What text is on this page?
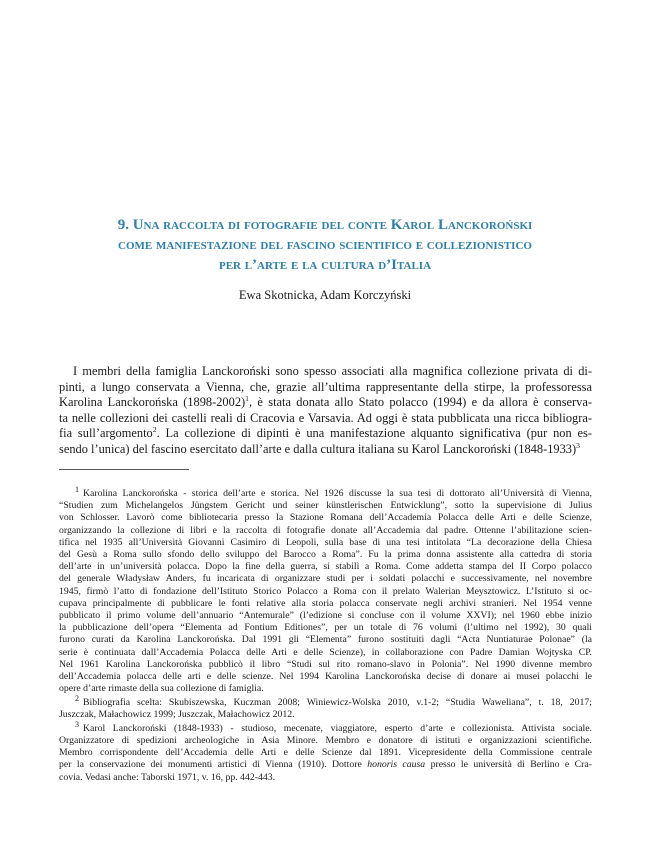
9. Una raccolta di fotografie del conte Karol Lanckoroński
come manifestazione del fascino scientifico e collezionistico
per l’arte e la cultura d’Italia
Ewa Skotnicka, Adam Korczyński
I membri della famiglia Lanckoroński sono spesso associati alla magnifica collezione privata di di-
pinti, a lungo conservata a Vienna, che, grazie all’ultima rappresentante della stirpe, la professoressa
Karolina Lanckorońska (1898-2002)$^1$, è stata donata allo Stato polacco (1994) e da allora è conserva-
ta nelle collezioni dei castelli reali di Cracovia e Varsavia. Ad oggi è stata pubblicata una ricca bibliogra-
fia sull’argomento$^2$. La collezione di dipinti è una manifestazione alquanto significativa (pur non es-
sendo l’unica) del fascino esercitato dall’arte e dalla cultura italiana su Karol Lanckoroński (1848-1933)$^3$
$^1$ Karolina Lanckorońska - storica dell’arte e storica. Nel 1926 discusse la sua tesi di dottorato all’Università di Vienna,
“Studien zum Michelangelos Jüngstem Gericht und seiner künstlerischen Entwicklung”, sotto la supervisione di Julius
von Schlosser. Lavorò come bibliotecaria presso la Stazione Romana dell’Accademia Polacca delle Arti e delle Scienze,
organizzando la collezione di libri e la raccolta di fotografie donate all’Accademia dal padre. Ottenne l’abilitazione scien-
tifica nel 1935 all’Università Giovanni Casimiro di Leopoli, sulla base di una tesi intitolata “La decorazione della Chiesa
del Gesù a Roma sullo sfondo dello sviluppo del Barocco a Roma”. Fu la prima donna assistente alla cattedra di storia
dell’arte in un’università polacca. Dopo la fine della guerra, si stabilì a Roma. Come addetta stampa del II Corpo polacco
del generale Władysław Anders, fu incaricata di organizzare studi per i soldati polacchi e successivamente, nel novembre
1945, firmò l’atto di fondazione dell’Istituto Storico Polacco a Roma con il prelato Walerian Meysztowicz. L’Istituto si oc-
cupava principalmente di pubblicare le fonti relative alla storia polacca conservate negli archivi stranieri. Nel 1954 venne
pubblicato il primo volume dell’annuario “Antemurale” (l’edizione si concluse con il volume XXVI); nel 1960 ebbe inizio
la pubblicazione dell’opera “Elementa ad Fontium Editiones”, per un totale di 76 volumi (l’ultimo nel 1992), 30 quali
furono curati da Karolina Lanckorońska. Dal 1991 gli “Elementa” furono sostituiti dagli “Acta Nuntiaturae Polonae” (la
serie è continuata dall’Accademia Polacca delle Arti e delle Scienze), in collaborazione con Padre Damian Wojtyska CP.
Nel 1961 Karolina Lanckorońska pubblicò il libro “Studi sul rito romano-slavo in Polonia”. Nel 1990 divenne membro
dell’Accademia polacca delle arti e delle scienze. Nel 1994 Karolina Lanckorońska decise di donare ai musei polacchi le
opere d’arte rimaste della sua collezione di famiglia.
$^2$ Bibliografia scelta: Skubiszewska, Kuczman 2008; Winiewicz-Wolska 2010, v.1-2; “Studia Waweliana”, t. 18, 2017;
Juszczak, Małachowicz 1999; Juszczak, Małachowicz 2012.
$^3$ Karol Lanckoroński (1848-1933) - studioso, mecenate, viaggiatore, esperto d’arte e collezionista. Attivista sociale.
Organizzatore di spedizioni archeologiche in Asia Minore. Membro e donatore di istituti e organizzazioni scientifiche.
Membro corrispondente dell’Accademia delle Arti e delle Scienze dal 1891. Vicepresidente della Commissione centrale
per la conservazione dei monumenti artistici di Vienna (1910). Dottore honoris causa presso le università di Berlino e Cra-
covia. Vedasi anche: Taborski 1971, v. 16, pp. 442-443.
